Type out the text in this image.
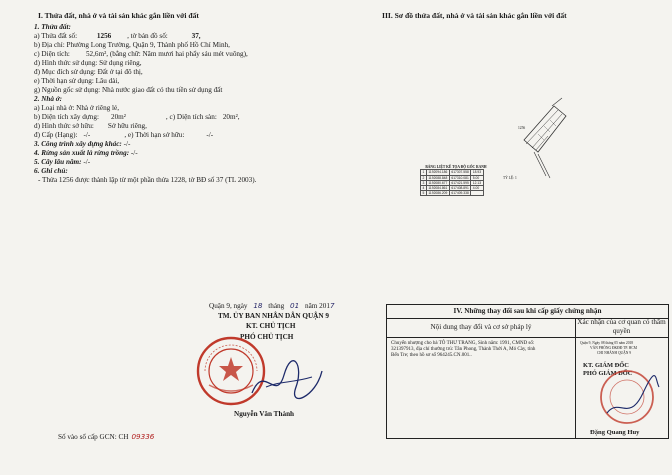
I. Thửa đất, nhà ở và tài sản khác gắn liền với đất
1. Thửa đất:
a) Thửa đất số:	1256 , tờ bản đồ số:	37,
b) Địa chỉ: Phường Long Trường, Quận 9, Thành phố Hồ Chí Minh,
c) Diện tích: 52,6m², (bằng chữ: Năm mươi hai phẩy sáu mét vuông),
d) Hình thức sử dụng: Sử dụng riêng,
đ) Mục đích sử dụng: Đất ở tại đô thị,
e) Thời hạn sử dụng: Lâu dài,
g) Nguồn gốc sử dụng: Nhà nước giao đất có thu tiền sử dụng đất
2. Nhà ở:
a) Loại nhà ở: Nhà ở riêng lẻ,
b) Diện tích xây dựng: 20m²	, c) Diện tích sàn: 20m²,
d) Hình thức sở hữu: Sở hữu riêng,
đ) Cấp (Hạng): -/-	, e) Thời hạn sở hữu:	-/-
3. Công trình xây dựng khác: -/-
4. Rừng sản xuất là rừng trồng: -/-
5. Cây lâu năm: -/-
6. Ghi chú:
- Thửa 1256 được thành lập từ một phần thửa 1228, tờ BĐ số 37 (TL 2003).
Quận 9, ngày 18 tháng 01 năm 2017
TM. ỦY BAN NHÂN DÂN QUẬN 9
KT. CHỦ TỊCH
PHÓ CHỦ TỊCH
Nguyễn Văn Thành
Số vào sổ cấp GCN: CH 09336
III. Sơ đồ thửa đất, nhà ở và tài sản khác gắn liền với đất
1256
TỶ LỆ: 1
BẢNG LIỆT KÊ TỌA ĐỘ GÓC RANH
1	1192094.186	617307.558	18.93
2	1192088.848	617310.081	5.00
3	1192080.677	617421.595	12.13
4	1192084.861	617408.891	4.00
5	1192086.209	617409.338	
IV. Những thay đổi sau khi cấp giấy chứng nhận
Nội dung thay đổi và cơ sở pháp lý
Xác nhận của cơ quan có thẩm quyền
Chuyển nhượng cho bà TÔ THƯ TRANG, Sinh năm: 1991, CMND số:
321397913, địa chỉ thường trú: Tân Phong, Thành Thới A, Mỏ Cày, tỉnh
Bến Tre; theo hồ sơ số 964245.CN.001..
Quận 9, Ngày 08 tháng 05 năm 2018
VĂN PHÒNG ĐKĐĐ TP. HCM
CHI NHÁNH QUẬN 9
KT. GIÁM ĐỐC
PHÓ GIÁM ĐỐC
Đặng Quang Huy
